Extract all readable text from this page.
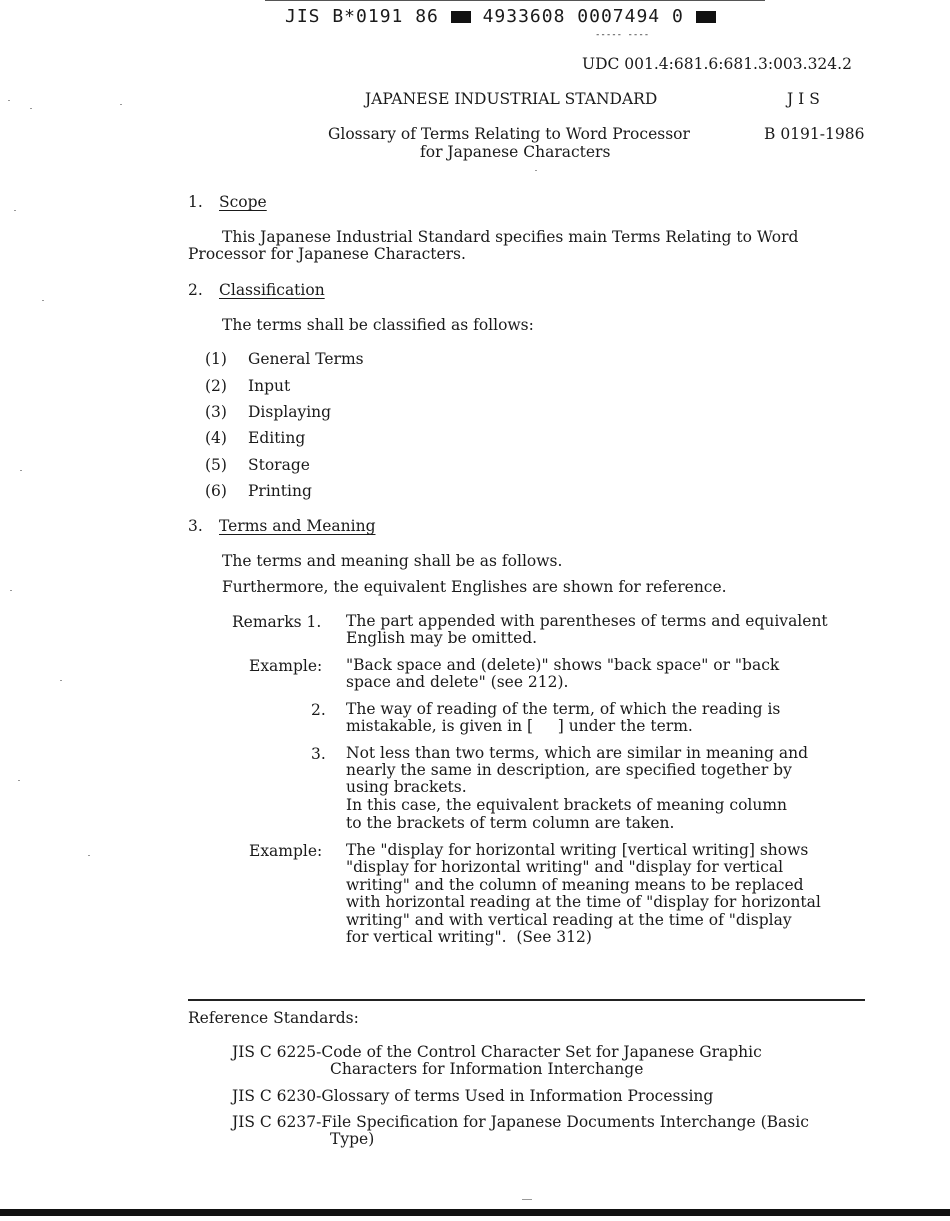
JIS B*0191 86 4933608 0007494 0
----- ----
UDC 001.4:681.6:681.3:003.324.2
JAPANESE INDUSTRIAL STANDARD	J I S
Glossary of Terms Relating to Word Processor
for Japanese Characters
B 0191-1986
1. Scope
This Japanese Industrial Standard specifies main Terms Relating to Word
Processor for Japanese Characters.
2. Classification
The terms shall be classified as follows:
(1) General Terms
(2) Input
(3) Displaying
(4) Editing
(5) Storage
(6) Printing
3. Terms and Meaning
The terms and meaning shall be as follows.
Furthermore, the equivalent Englishes are shown for reference.
Remarks 1. The part appended with parentheses of terms and equivalent
English may be omitted.
Example: "Back space and (delete)" shows "back space" or "back
space and delete" (see 212).
2. The way of reading of the term, of which the reading is
mistakable, is given in [     ] under the term.
3. Not less than two terms, which are similar in meaning and
nearly the same in description, are specified together by
using brackets.
In this case, the equivalent brackets of meaning column
to the brackets of term column are taken.
Example: The "display for horizontal writing [vertical writing] shows
"display for horizontal writing" and "display for vertical
writing" and the column of meaning means to be replaced
with horizontal reading at the time of "display for horizontal
writing" and with vertical reading at the time of "display
for vertical writing".  (See 312)
Reference Standards:
JIS C 6225-Code of the Control Character Set for Japanese Graphic
Characters for Information Interchange
JIS C 6230-Glossary of terms Used in Information Processing
JIS C 6237-File Specification for Japanese Documents Interchange (Basic
Type)
